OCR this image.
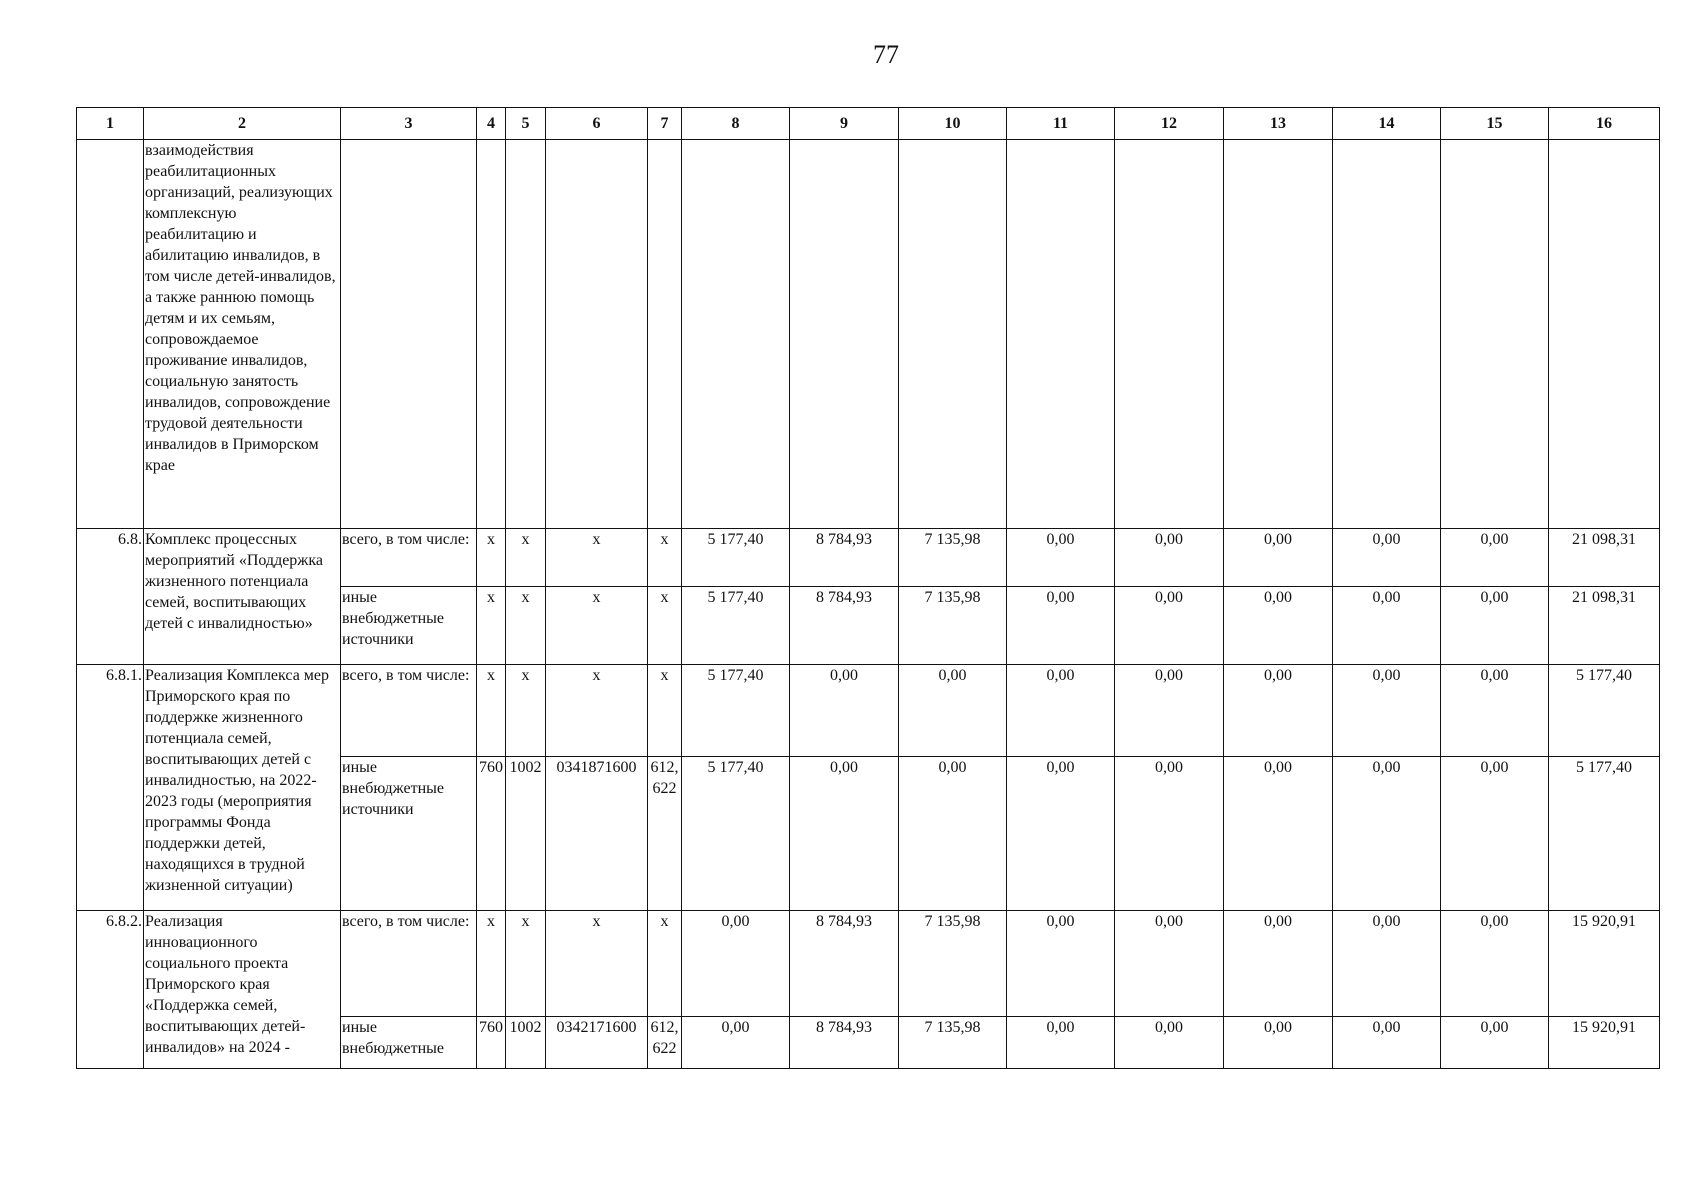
77
1	2	3	4	5	6	7	8	9	10	11	12	13	14	15	16
	взаимодействия реабилитационных организаций, реализующих комплексную реабилитацию и абилитацию инвалидов, в том числе детей-инвалидов, а также раннюю помощь детям и их семьям, сопровождаемое проживание инвалидов, социальную занятость инвалидов, сопровождение трудовой деятельности инвалидов в Приморском крае														
6.8.	Комплекс процессных мероприятий «Поддержка жизненного потенциала семей, воспитывающих детей с инвалидностью»	всего, в том числе:	х	х	х	х	5 177,40	8 784,93	7 135,98	0,00	0,00	0,00	0,00	0,00	21 098,31
		иные внебюджетные источники	х	х	х	х	5 177,40	8 784,93	7 135,98	0,00	0,00	0,00	0,00	0,00	21 098,31
6.8.1.	Реализация Комплекса мер Приморского края по поддержке жизненного потенциала семей, воспитывающих детей с инвалидностью, на 2022-2023 годы (мероприятия программы Фонда поддержки детей, находящихся в трудной жизненной ситуации)	всего, в том числе:	х	х	х	х	5 177,40	0,00	0,00	0,00	0,00	0,00	0,00	0,00	5 177,40
		иные внебюджетные источники	760	1002	0341871600	612, 622	5 177,40	0,00	0,00	0,00	0,00	0,00	0,00	0,00	5 177,40
6.8.2.	Реализация инновационного социального проекта Приморского края «Поддержка семей, воспитывающих детей-инвалидов» на 2024 -	всего, в том числе:	х	х	х	х	0,00	8 784,93	7 135,98	0,00	0,00	0,00	0,00	0,00	15 920,91
		иные внебюджетные	760	1002	0342171600	612, 622	0,00	8 784,93	7 135,98	0,00	0,00	0,00	0,00	0,00	15 920,91
